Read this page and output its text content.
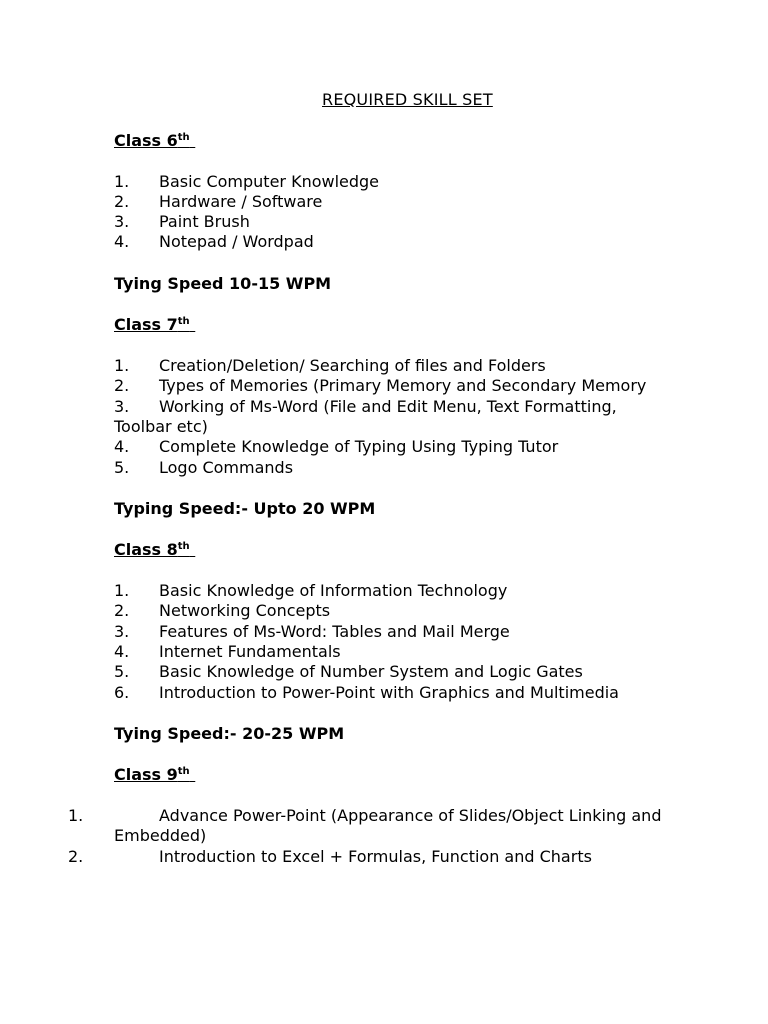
REQUIRED SKILL SET
Class 6th
1. Basic Computer Knowledge
2. Hardware / Software
3. Paint Brush
4. Notepad / Wordpad
Tying Speed 10-15 WPM
Class 7th
1. Creation/Deletion/ Searching of files and Folders
2. Types of Memories (Primary Memory and Secondary Memory
3. Working of Ms-Word (File and Edit Menu, Text Formatting,
Toolbar etc)
4. Complete Knowledge of Typing Using Typing Tutor
5. Logo Commands
Typing Speed:- Upto 20 WPM
Class 8th
1. Basic Knowledge of Information Technology
2. Networking Concepts
3. Features of Ms-Word: Tables and Mail Merge
4. Internet Fundamentals
5. Basic Knowledge of Number System and Logic Gates
6. Introduction to Power-Point with Graphics and Multimedia
Tying Speed:- 20-25 WPM
Class 9th
1.	Advance Power-Point (Appearance of Slides/Object Linking and
Embedded)
2.	Introduction to Excel + Formulas, Function and Charts
